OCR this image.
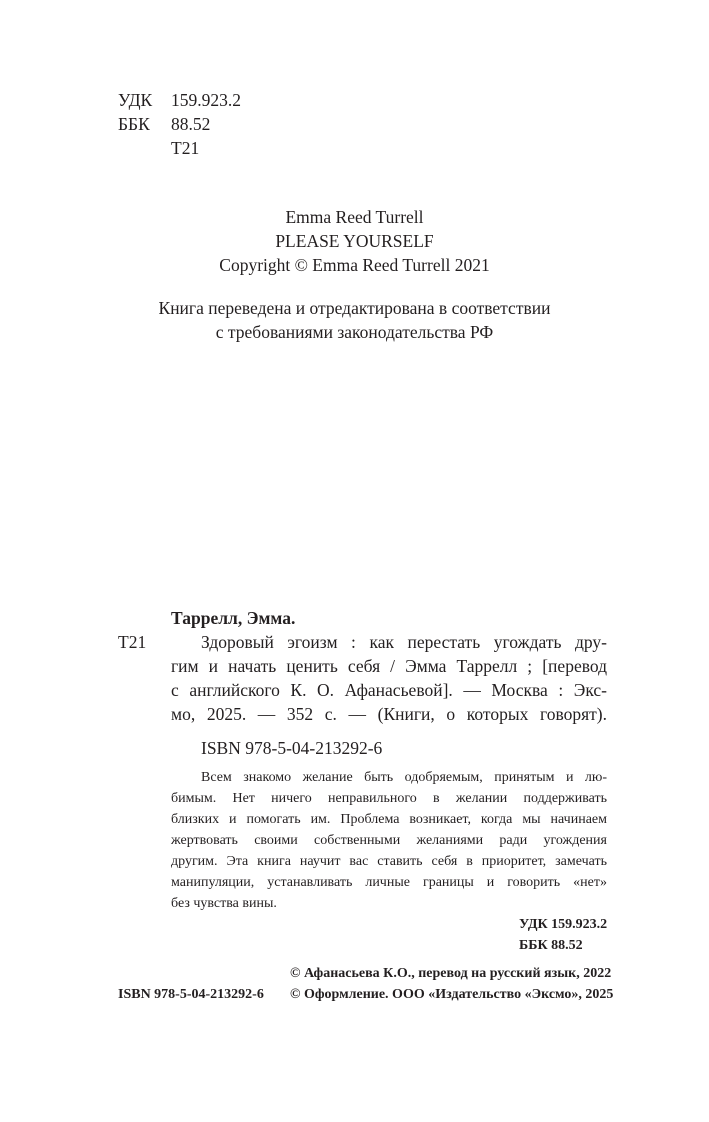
УДК 159.923.2
ББК 88.52
Т21
Emma Reed Turrell
PLEASE YOURSELF
Copyright © Emma Reed Turrell 2021
Книга переведена и отредактирована в соответствии
с требованиями законодательства РФ
Таррелл, Эмма.
Т21	Здоровый эгоизм : как перестать угождать дру-
гим и начать ценить себя / Эмма Таррелл ; [перевод
с английского К. О. Афанасьевой]. — Москва : Экс-
мо, 2025. — 352 с. — (Книги, о которых говорят).
ISBN 978-5-04-213292-6
Всем знакомо желание быть одобряемым, принятым и лю-
бимым. Нет ничего неправильного в желании поддерживать
близких и помогать им. Проблема возникает, когда мы начинаем
жертвовать своими собственными желаниями ради угождения
другим. Эта книга научит вас ставить себя в приоритет, замечать
манипуляции, устанавливать личные границы и говорить «нет»
без чувства вины.
УДК 159.923.2
ББК 88.52
© Афанасьева К.О., перевод на русский язык, 2022
ISBN 978-5-04-213292-6 © Оформление. ООО «Издательство «Эксмо», 2025
